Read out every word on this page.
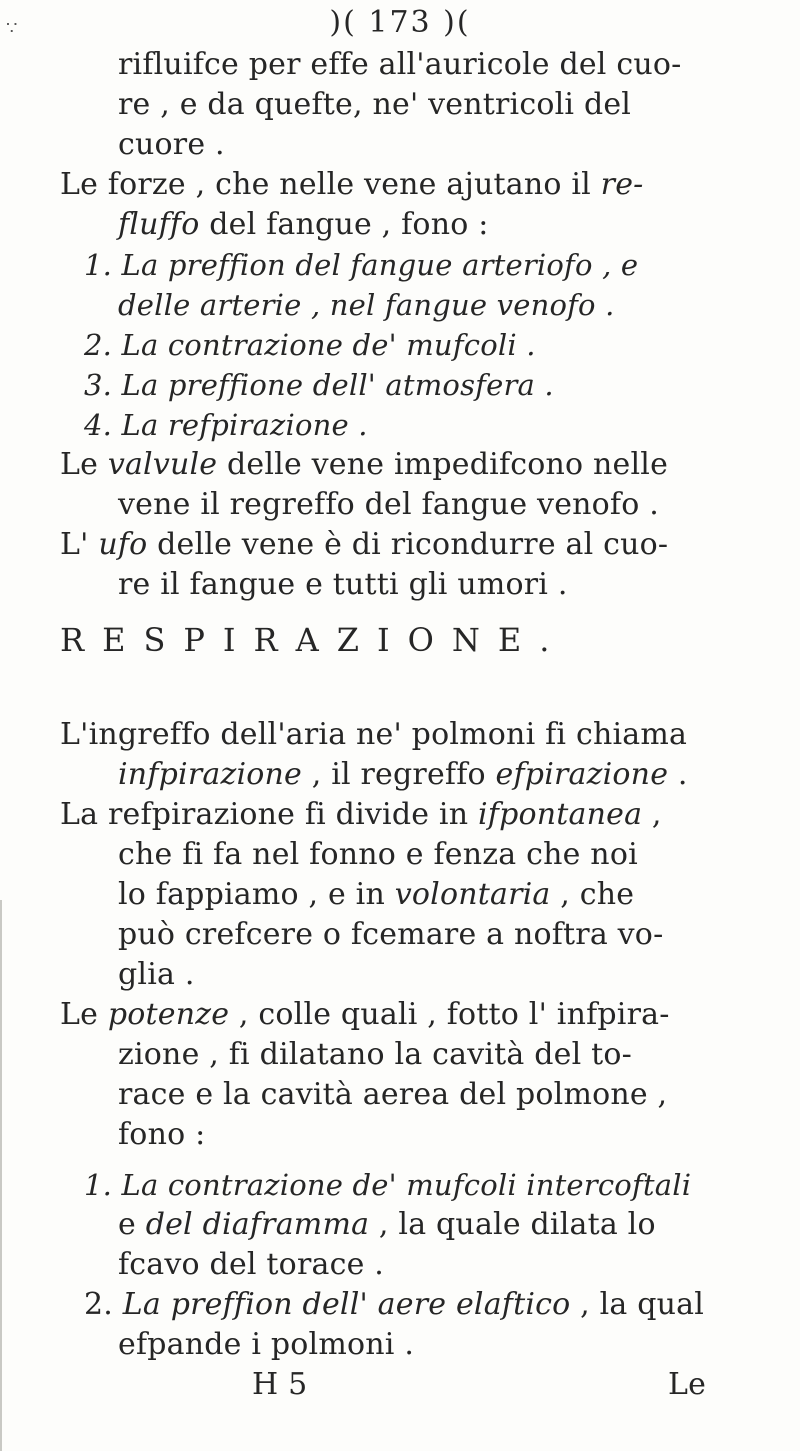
)( 173 )(
∵
rifluifce per effe all'auricole del cuo-
re , e da quefte, ne' ventricoli del
cuore .
Le forze , che nelle vene ajutano il re-
fluffo del fangue , fono :
1. La preffion del fangue arteriofo , e
delle arterie , nel fangue venofo .
2. La contrazione de' mufcoli .
3. La preffione dell' atmosfera .
4. La refpirazione .
Le valvule delle vene impedifcono nelle
vene il regreffo del fangue venofo .
L' ufo delle vene è di ricondurre al cuo-
re il fangue e tutti gli umori .
RESPIRAZIONE.
L'ingreffo dell'aria ne' polmoni fi chiama
infpirazione , il regreffo efpirazione .
La refpirazione fi divide in ifpontanea ,
che fi fa nel fonno e fenza che noi
lo fappiamo , e in volontaria , che
può crefcere o fcemare a noftra vo-
glia .
Le potenze , colle quali , fotto l' infpira-
zione , fi dilatano la cavità del to-
race e la cavità aerea del polmone ,
fono :
1. La contrazione de' mufcoli intercoftali
e del diaframma , la quale dilata lo
fcavo del torace .
2. La preffion dell' aere elaftico , la qual
efpande i polmoni .
H 5	Le
